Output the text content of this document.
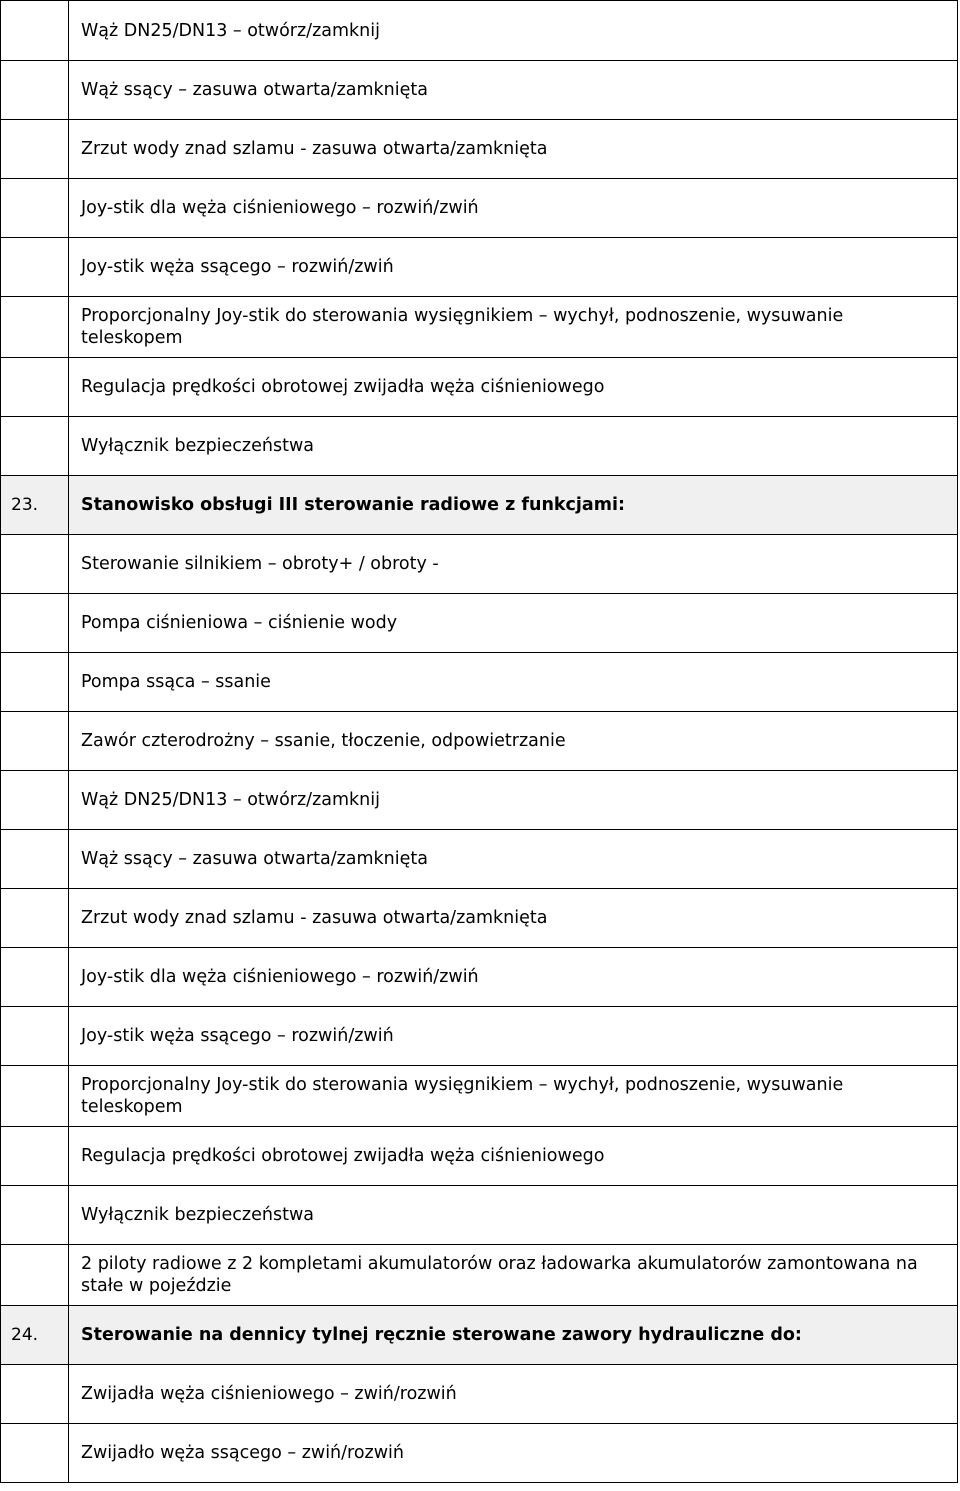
	Wąż DN25/DN13 – otwórz/zamknij
	Wąż ssący – zasuwa otwarta/zamknięta
	Zrzut wody znad szlamu - zasuwa otwarta/zamknięta
	Joy-stik dla węża ciśnieniowego – rozwiń/zwiń
	Joy-stik węża ssącego – rozwiń/zwiń
	Proporcjonalny Joy-stik do sterowania wysięgnikiem – wychył, podnoszenie, wysuwanie teleskopem
	Regulacja prędkości obrotowej zwijadła węża ciśnieniowego
	Wyłącznik bezpieczeństwa
23.	Stanowisko obsługi III sterowanie radiowe z funkcjami:
	Sterowanie silnikiem – obroty+ / obroty -
	Pompa ciśnieniowa – ciśnienie wody
	Pompa ssąca – ssanie
	Zawór czterodrożny – ssanie, tłoczenie, odpowietrzanie
	Wąż DN25/DN13 – otwórz/zamknij
	Wąż ssący – zasuwa otwarta/zamknięta
	Zrzut wody znad szlamu - zasuwa otwarta/zamknięta
	Joy-stik dla węża ciśnieniowego – rozwiń/zwiń
	Joy-stik węża ssącego – rozwiń/zwiń
	Proporcjonalny Joy-stik do sterowania wysięgnikiem – wychył, podnoszenie, wysuwanie teleskopem
	Regulacja prędkości obrotowej zwijadła węża ciśnieniowego
	Wyłącznik bezpieczeństwa
	2 piloty radiowe z 2 kompletami akumulatorów oraz ładowarka akumulatorów zamontowana na stałe w pojeździe
24.	Sterowanie na dennicy tylnej ręcznie sterowane zawory hydrauliczne do:
	Zwijadła węża ciśnieniowego – zwiń/rozwiń
	Zwijadło węża ssącego – zwiń/rozwiń
